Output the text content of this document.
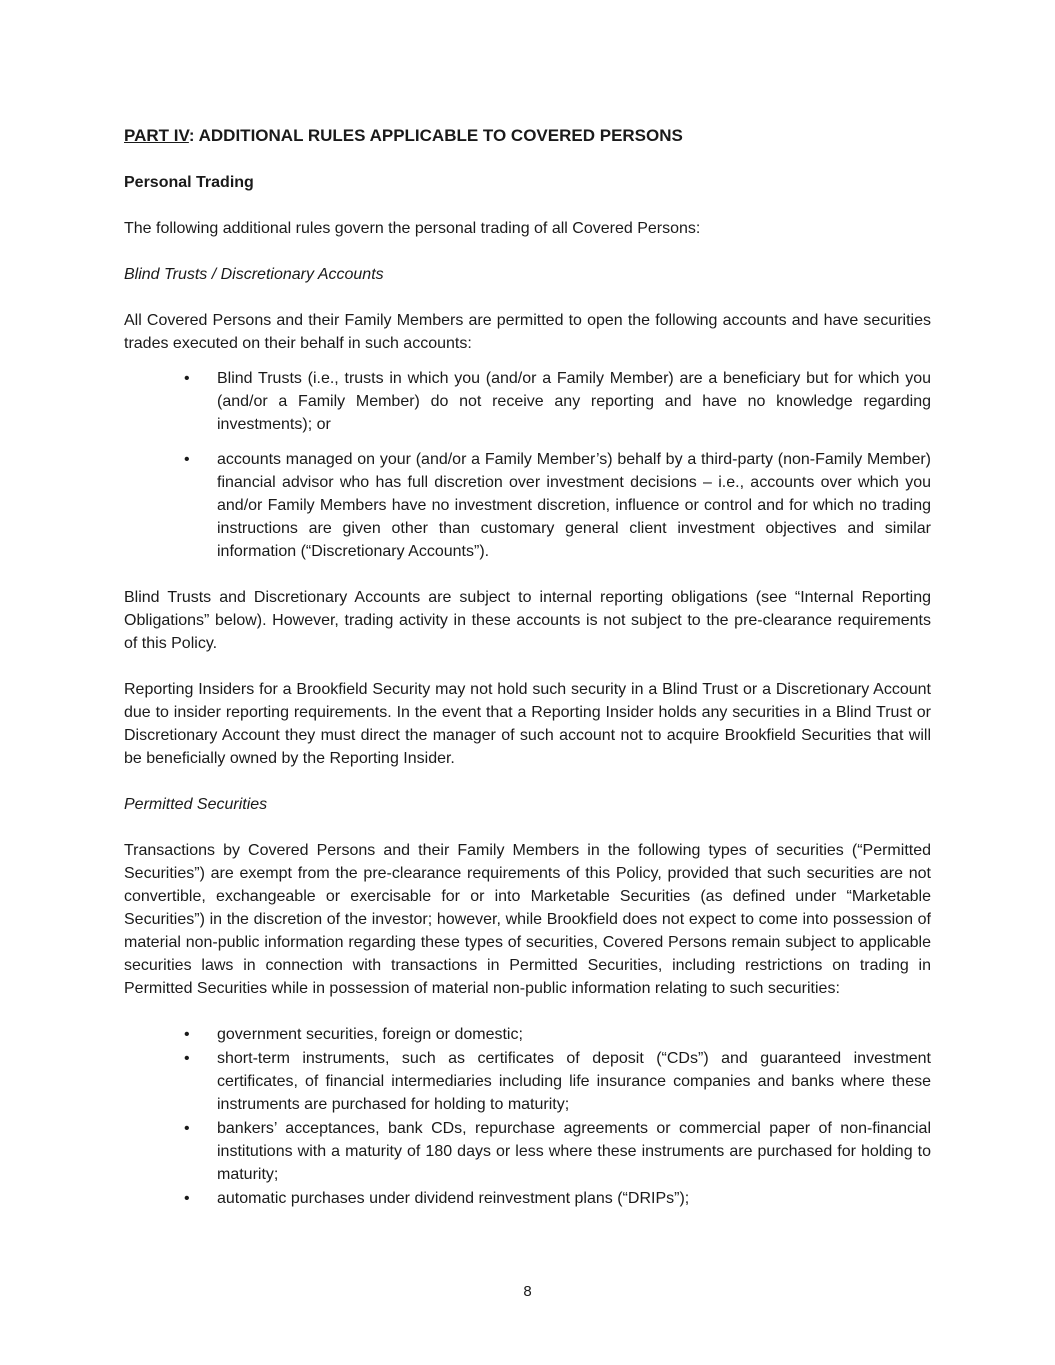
PART IV: ADDITIONAL RULES APPLICABLE TO COVERED PERSONS
Personal Trading
The following additional rules govern the personal trading of all Covered Persons:
Blind Trusts / Discretionary Accounts
All Covered Persons and their Family Members are permitted to open the following accounts and have securities trades executed on their behalf in such accounts:
• Blind Trusts (i.e., trusts in which you (and/or a Family Member) are a beneficiary but for which you (and/or a Family Member) do not receive any reporting and have no knowledge regarding investments); or
• accounts managed on your (and/or a Family Member’s) behalf by a third-party (non-Family Member) financial advisor who has full discretion over investment decisions – i.e., accounts over which you and/or Family Members have no investment discretion, influence or control and for which no trading instructions are given other than customary general client investment objectives and similar information (“Discretionary Accounts”).
Blind Trusts and Discretionary Accounts are subject to internal reporting obligations (see “Internal Reporting Obligations” below). However, trading activity in these accounts is not subject to the pre-clearance requirements of this Policy.
Reporting Insiders for a Brookfield Security may not hold such security in a Blind Trust or a Discretionary Account due to insider reporting requirements. In the event that a Reporting Insider holds any securities in a Blind Trust or Discretionary Account they must direct the manager of such account not to acquire Brookfield Securities that will be beneficially owned by the Reporting Insider.
Permitted Securities
Transactions by Covered Persons and their Family Members in the following types of securities (“Permitted Securities”) are exempt from the pre-clearance requirements of this Policy, provided that such securities are not convertible, exchangeable or exercisable for or into Marketable Securities (as defined under “Marketable Securities”) in the discretion of the investor; however, while Brookfield does not expect to come into possession of material non-public information regarding these types of securities, Covered Persons remain subject to applicable securities laws in connection with transactions in Permitted Securities, including restrictions on trading in Permitted Securities while in possession of material non-public information relating to such securities:
• government securities, foreign or domestic;
• short-term instruments, such as certificates of deposit (“CDs”) and guaranteed investment certificates, of financial intermediaries including life insurance companies and banks where these instruments are purchased for holding to maturity;
• bankers’ acceptances, bank CDs, repurchase agreements or commercial paper of non-financial institutions with a maturity of 180 days or less where these instruments are purchased for holding to maturity;
• automatic purchases under dividend reinvestment plans (“DRIPs”);
8
